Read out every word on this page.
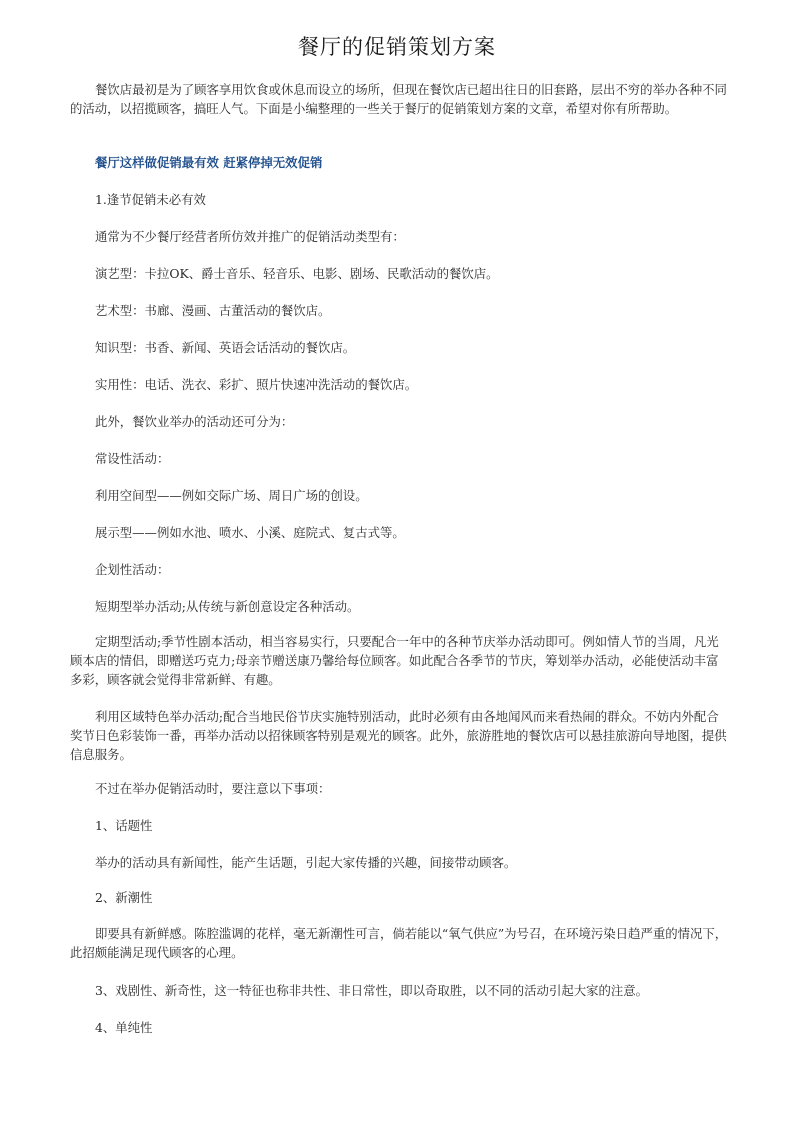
餐厅的促销策划方案

餐饮店最初是为了顾客享用饮食或休息而设立的场所，但现在餐饮店已超出往日的旧套路，层出不穷的举办各种不同的活动，以招揽顾客，搞旺人气。下面是小编整理的一些关于餐厅的促销策划方案的文章，希望对你有所帮助。

餐厅这样做促销最有效 赶紧停掉无效促销

1.逢节促销未必有效

通常为不少餐厅经营者所仿效并推广的促销活动类型有：

演艺型：卡拉OK、爵士音乐、轻音乐、电影、剧场、民歌活动的餐饮店。

艺术型：书廊、漫画、古董活动的餐饮店。

知识型：书香、新闻、英语会话活动的餐饮店。

实用性：电话、洗衣、彩扩、照片快速冲洗活动的餐饮店。

此外，餐饮业举办的活动还可分为：

常设性活动：

利用空间型——例如交际广场、周日广场的创设。

展示型——例如水池、喷水、小溪、庭院式、复古式等。

企划性活动：

短期型举办活动;从传统与新创意设定各种活动。

定期型活动;季节性剧本活动，相当容易实行，只要配合一年中的各种节庆举办活动即可。例如情人节的当周，凡光顾本店的情侣，即赠送巧克力;母亲节赠送康乃馨给每位顾客。如此配合各季节的节庆，筹划举办活动，必能使活动丰富多彩，顾客就会觉得非常新鲜、有趣。

利用区域特色举办活动;配合当地民俗节庆实施特别活动，此时必须有由各地闻风而来看热闹的群众。不妨内外配合奖节日色彩装饰一番，再举办活动以招徕顾客特别是观光的顾客。此外，旅游胜地的餐饮店可以悬挂旅游向导地图，提供信息服务。

不过在举办促销活动时，要注意以下事项：

1、话题性

举办的活动具有新闻性，能产生话题，引起大家传播的兴趣，间接带动顾客。

2、新潮性

即要具有新鲜感。陈腔滥调的花样，毫无新潮性可言，倘若能以“氧气供应”为号召，在环境污染日趋严重的情况下，此招颇能满足现代顾客的心理。

3、戏剧性、新奇性，这一特征也称非共性、非日常性，即以奇取胜，以不同的活动引起大家的注意。

4、单纯性
